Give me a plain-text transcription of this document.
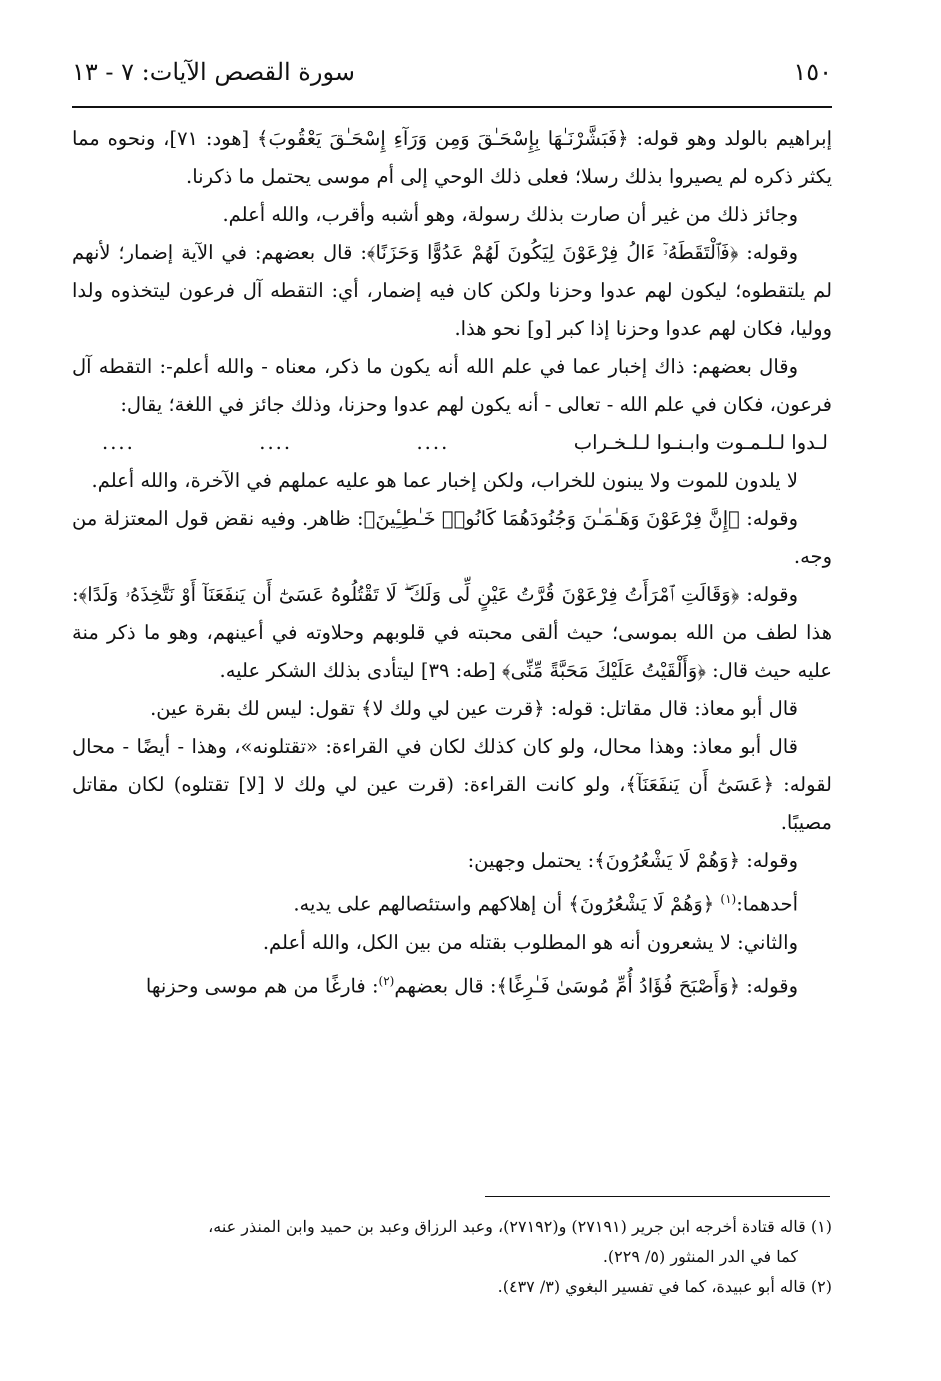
١٥٠
سورة القصص الآيات: ٧ - ١٣

إبراهيم بالولد وهو قوله: ﴿فَبَشَّرْنَـٰهَا بِإِسْحَـٰقَ وَمِن وَرَآءِ إِسْحَـٰقَ يَعْقُوبَ﴾ [هود: ٧١]، ونحوه مما يكثر ذكره لم يصيروا بذلك رسلا؛ فعلى ذلك الوحي إلى أم موسى يحتمل ما ذكرنا.

وجائز ذلك من غير أن صارت بذلك رسولة، وهو أشبه وأقرب، والله أعلم.

وقوله: ﴿فَٱلْتَقَطَهُۥٓ ءَالُ فِرْعَوْنَ لِيَكُونَ لَهُمْ عَدُوًّا وَحَزَنًا﴾: قال بعضهم: في الآية إضمار؛ لأنهم لم يلتقطوه؛ ليكون لهم عدوا وحزنا ولكن كان فيه إضمار، أي: التقطه آل فرعون ليتخذوه ولدا ووليا، فكان لهم عدوا وحزنا إذا كبر [و] نحو هذا.

وقال بعضهم: ذاك إخبار عما في علم الله أنه يكون ما ذكر، معناه - والله أعلم-: التقطه آل فرعون، فكان في علم الله - تعالى - أنه يكون لهم عدوا وحزنا، وذلك جائز في اللغة؛ يقال:

لـدوا لـلـمـوت وابـنـوا لـلـخـراب
....
....
....

لا يلدون للموت ولا يبنون للخراب، ولكن إخبار عما هو عليه عملهم في الآخرة، والله أعلم.

وقوله: ﴿إِنَّ فِرْعَوْنَ وَهَـٰمَـٰنَ وَجُنُودَهُمَا كَانُوا۟ خَـٰطِـِٔينَ﴾: ظاهر. وفيه نقض قول المعتزلة من وجه.

وقوله: ﴿وَقَالَتِ ٱمْرَأَتُ فِرْعَوْنَ قُرَّتُ عَيْنٍ لِّى وَلَكَ ۖ لَا تَقْتُلُوهُ عَسَىٰٓ أَن يَنفَعَنَآ أَوْ نَتَّخِذَهُۥ وَلَدًا﴾: هذا لطف من الله بموسى؛ حيث ألقى محبته في قلوبهم وحلاوته في أعينهم، وهو ما ذكر منة عليه حيث قال: ﴿وَأَلْقَيْتُ عَلَيْكَ مَحَبَّةً مِّنِّى﴾ [طه: ٣٩] ليتأدى بذلك الشكر عليه.

قال أبو معاذ: قال مقاتل: قوله: ﴿قرت عين لي ولك لا﴾ تقول: ليس لك بقرة عين.

قال أبو معاذ: وهذا محال، ولو كان كذلك لكان في القراءة: «تقتلونه»، وهذا - أيضًا - محال لقوله: ﴿عَسَىٰٓ أَن يَنفَعَنَآ﴾، ولو كانت القراءة: (قرت عين لي ولك لا [لا] تقتلوه) لكان مقاتل مصيبًا.

وقوله: ﴿وَهُمْ لَا يَشْعُرُونَ﴾: يحتمل وجهين:

أحدهما:$^{(١)}$ ﴿وَهُمْ لَا يَشْعُرُونَ﴾ أن إهلاكهم واستئصالهم على يديه.

والثاني: لا يشعرون أنه هو المطلوب بقتله من بين الكل، والله أعلم.

وقوله: ﴿وَأَصْبَحَ فُؤَادُ أُمِّ مُوسَىٰ فَـٰرِغًا﴾: قال بعضهم$^{(٢)}$: فارغًا من هم موسى وحزنها

(١) قاله قتادة أخرجه ابن جرير (٢٧١٩١) و(٢٧١٩٢)، وعبد الرزاق وعبد بن حميد وابن المنذر عنه،

كما في الدر المنثور (٥/ ٢٢٩).

(٢) قاله أبو عبيدة، كما في تفسير البغوي (٣/ ٤٣٧).
